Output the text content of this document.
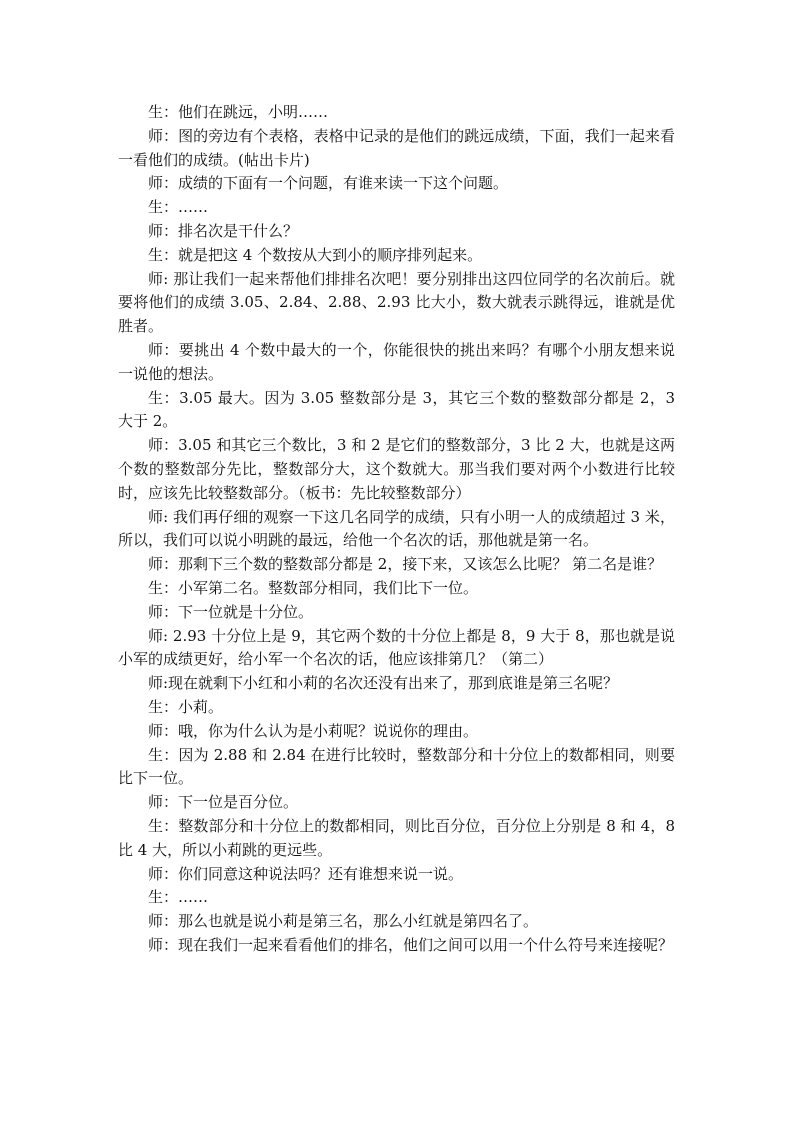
生：他们在跳远，小明……

师：图的旁边有个表格，表格中记录的是他们的跳远成绩，下面，我们一起来看一看他们的成绩。(帖出卡片)

师：成绩的下面有一个问题，有谁来读一下这个问题。

生：……

师：排名次是干什么？

生：就是把这 4 个数按从大到小的顺序排列起来。

师: 那让我们一起来帮他们排排名次吧！要分别排出这四位同学的名次前后。就要将他们的成绩 3.05、2.84、2.88、2.93 比大小，数大就表示跳得远，谁就是优胜者。

师：要挑出 4 个数中最大的一个，你能很快的挑出来吗？有哪个小朋友想来说一说他的想法。

生：3.05 最大。因为 3.05 整数部分是 3，其它三个数的整数部分都是 2，3 大于 2。

师：3.05 和其它三个数比，3 和 2 是它们的整数部分，3 比 2 大，也就是这两个数的整数部分先比，整数部分大，这个数就大。那当我们要对两个小数进行比较时，应该先比较整数部分。（板书：先比较整数部分）

师: 我们再仔细的观察一下这几名同学的成绩，只有小明一人的成绩超过 3 米，所以，我们可以说小明跳的最远，给他一个名次的话，那他就是第一名。

师：那剩下三个数的整数部分都是 2，接下来，又该怎么比呢？ 第二名是谁？

生：小军第二名。整数部分相同，我们比下一位。

师：下一位就是十分位。

师: 2.93 十分位上是 9，其它两个数的十分位上都是 8，9 大于 8，那也就是说小军的成绩更好，给小军一个名次的话，他应该排第几？（第二）

师:现在就剩下小红和小莉的名次还没有出来了，那到底谁是第三名呢？

生：小莉。

师：哦，你为什么认为是小莉呢？说说你的理由。

生：因为 2.88 和 2.84 在进行比较时，整数部分和十分位上的数都相同，则要比下一位。

师：下一位是百分位。

生：整数部分和十分位上的数都相同，则比百分位，百分位上分别是 8 和 4，8 比 4 大，所以小莉跳的更远些。

师：你们同意这种说法吗？还有谁想来说一说。

生：……

师：那么也就是说小莉是第三名，那么小红就是第四名了。

师：现在我们一起来看看他们的排名，他们之间可以用一个什么符号来连接呢？
